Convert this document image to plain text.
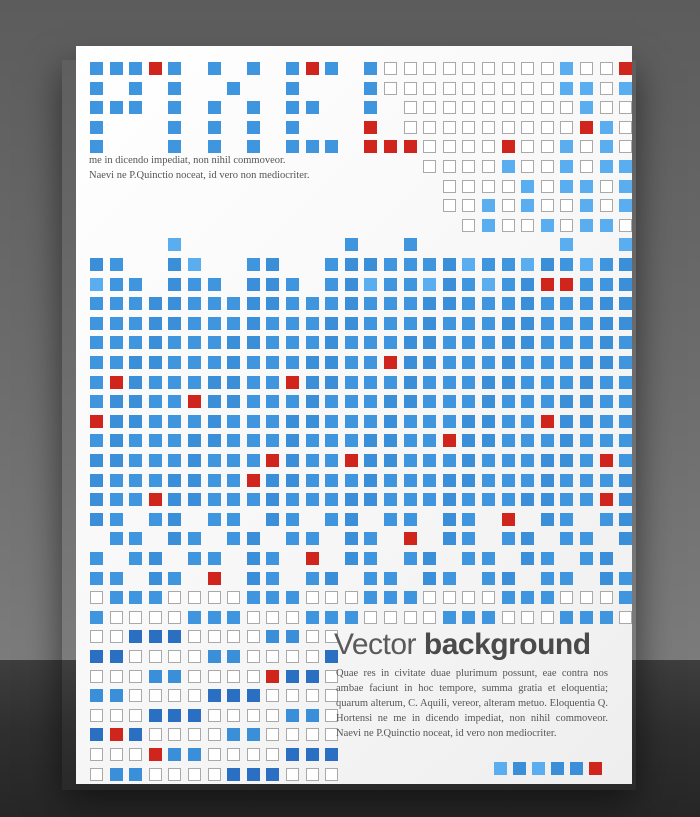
me in dicendo impediat, non nihil commoveor.
Naevi ne P.Quinctio noceat, id vero non mediocriter.
Vector background
Quae res in civitate duae plurimum possunt, eae contra nos ambae faciunt in hoc tempore, summa gratia et eloquentia; quarum alterum, C. Aquili, vereor, alteram metuo. Eloquentia Q. Hortensi ne me in dicendo impediat, non nihil commoveor. Naevi ne P.Quinctio noceat, id vero non mediocriter.
